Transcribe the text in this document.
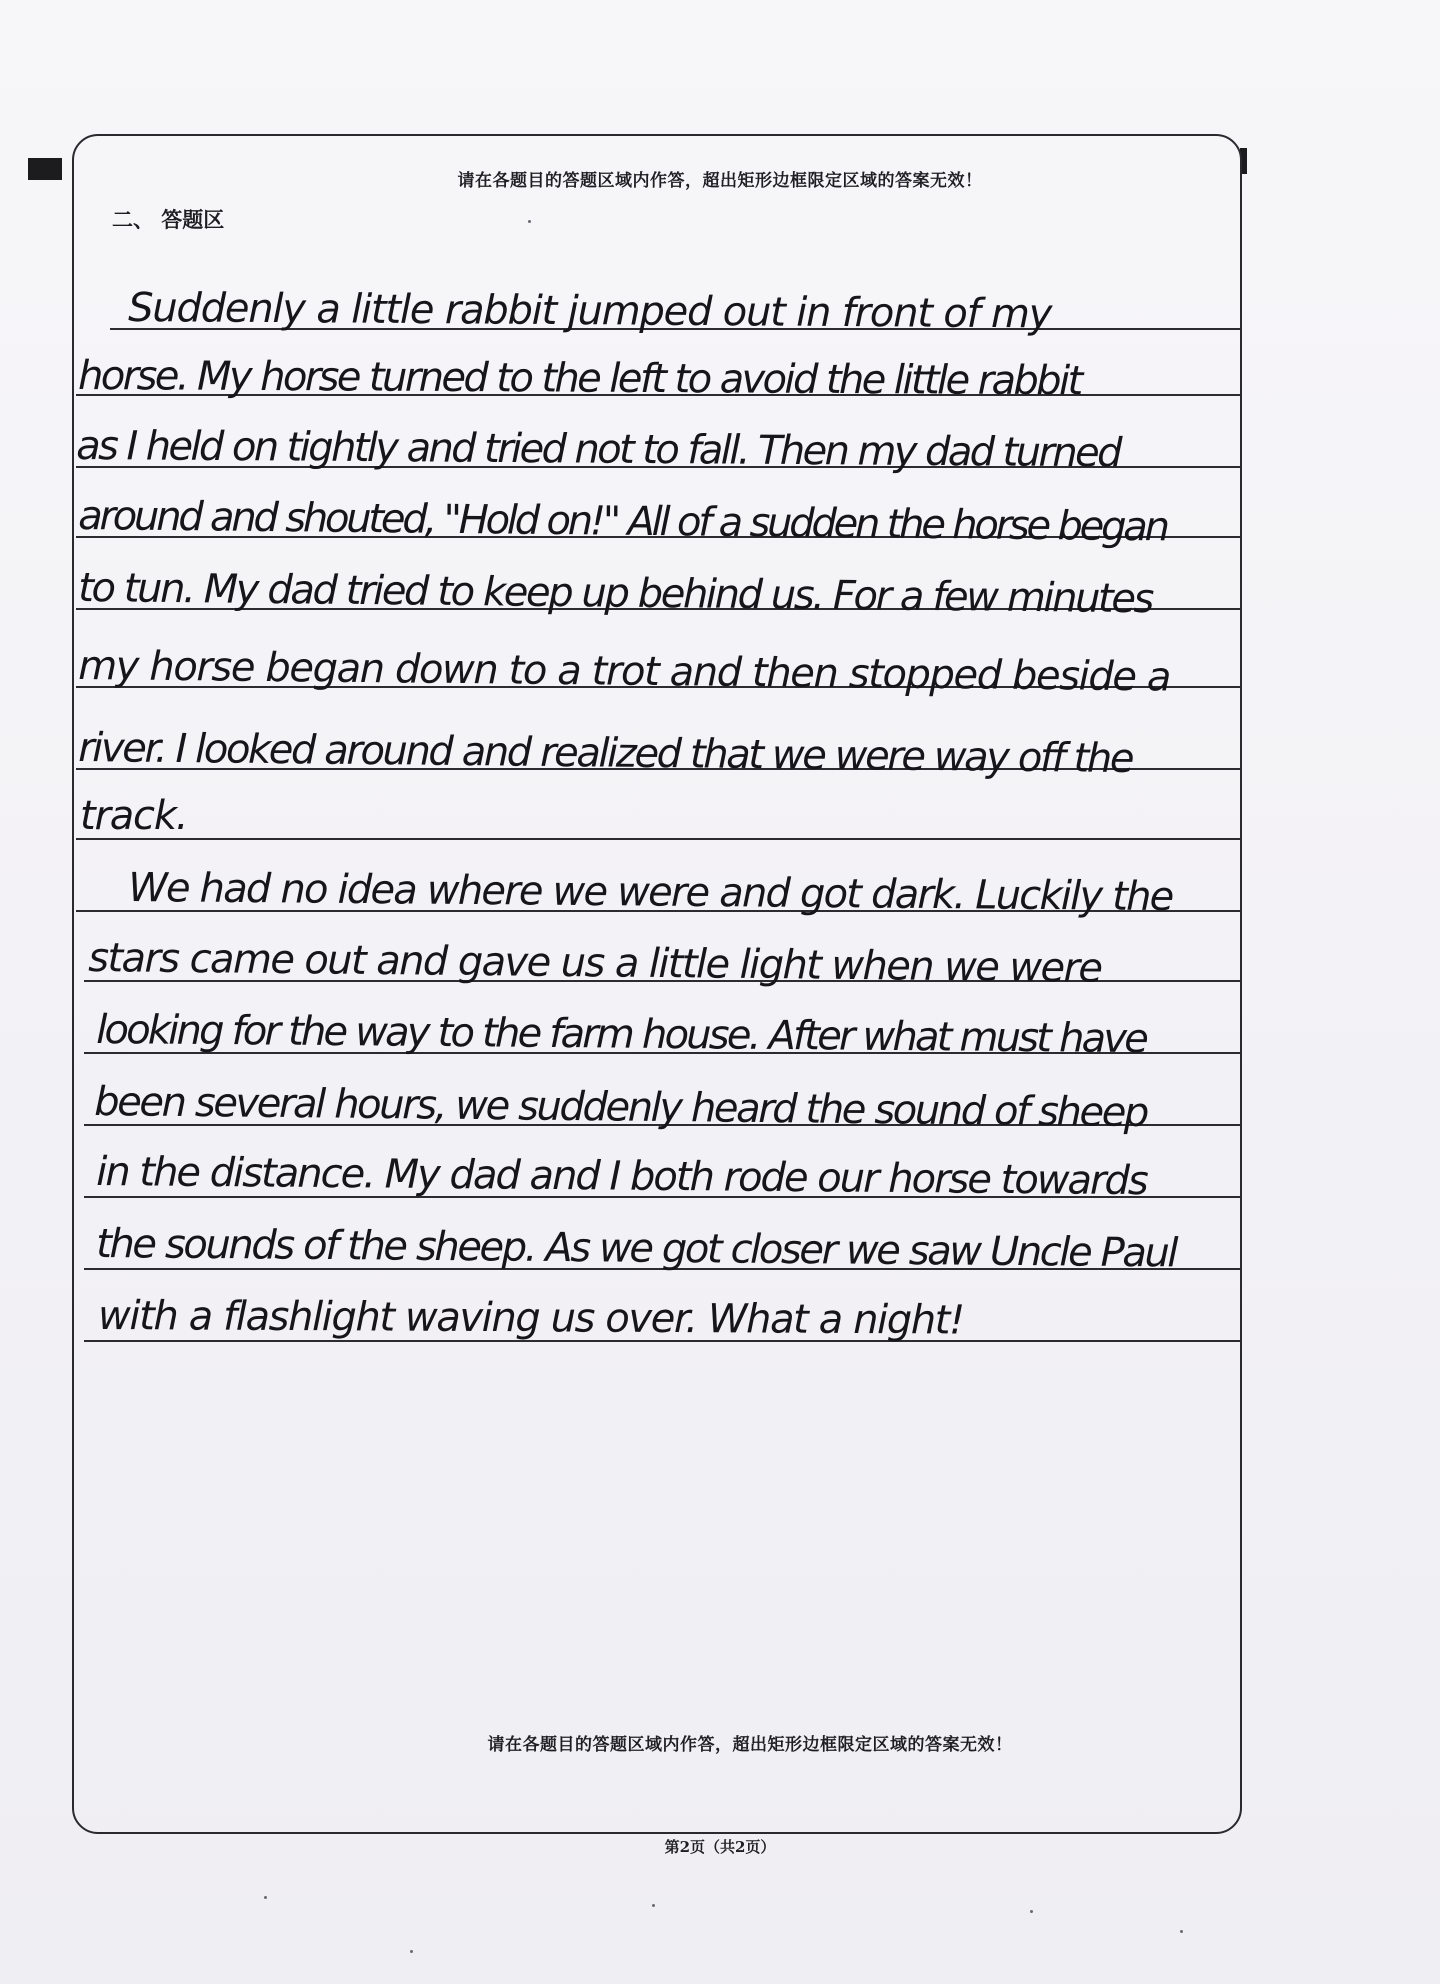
请在各题目的答题区域内作答，超出矩形边框限定区域的答案无效！
二、 答题区
Suddenly a little rabbit jumped out in front of my
horse. My horse turned to the left to avoid the little rabbit
as I held on tightly and tried not to fall. Then my dad turned
around and shouted, "Hold on!" All of a sudden the horse began
to tun. My dad tried to keep up behind us. For a few minutes
my horse began down to a trot and then stopped beside a
river. I looked around and realized that we were way off the
track.
We had no idea where we were and got dark. Luckily the
stars came out and gave us a little light when we were
looking for the way to the farm house. After what must have
been several hours, we suddenly heard the sound of sheep
in the distance. My dad and I both rode our horse towards
the sounds of the sheep. As we got closer we saw Uncle Paul
with a flashlight waving us over. What a night!
请在各题目的答题区域内作答，超出矩形边框限定区域的答案无效！
第2页（共2页）
